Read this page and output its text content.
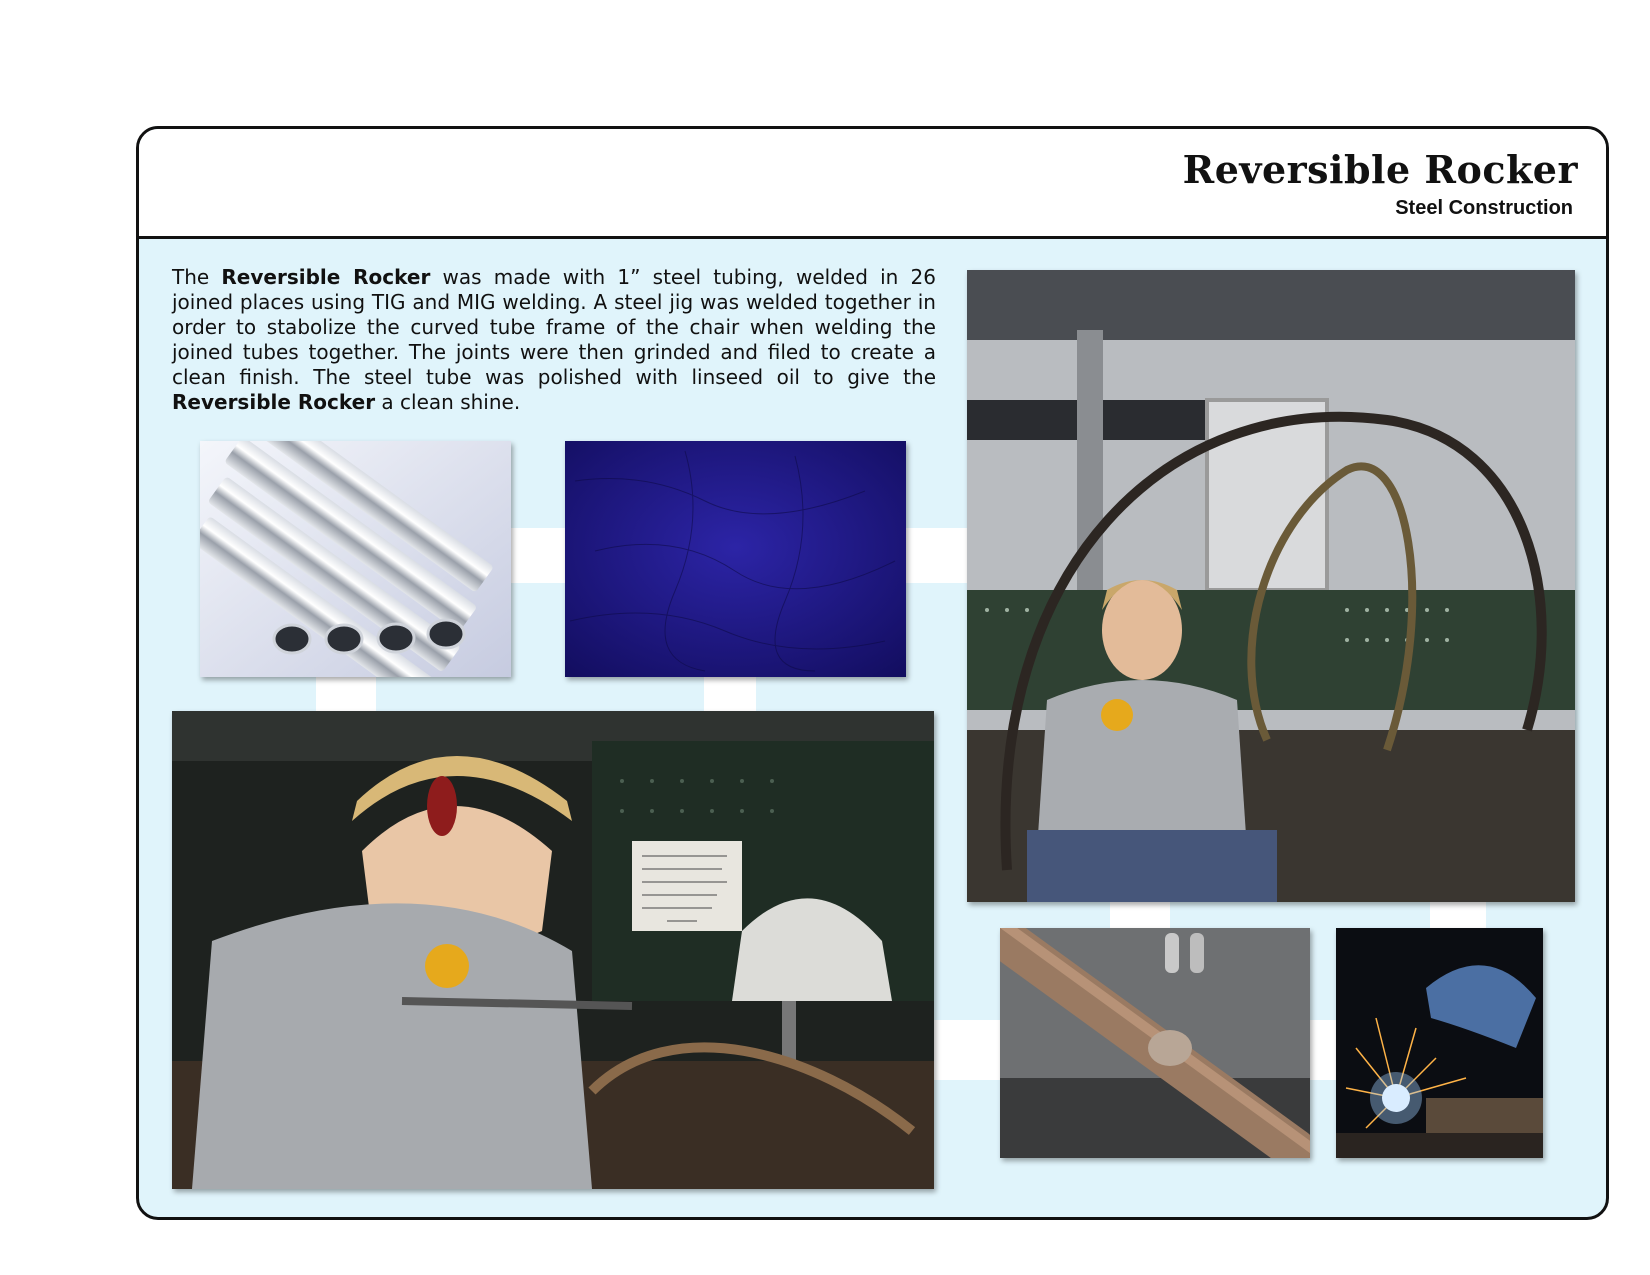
Reversible Rocker
Steel Construction
The Reversible Rocker was made with 1” steel tubing, welded in 26 joined places using TIG and MIG welding. A steel jig was welded together in order to stabolize the curved tube frame of the chair when welding the joined tubes together. The joints were then grinded and filed to create a clean finish. The steel tube was polished with linseed oil to give the Reversible Rocker a clean shine.
